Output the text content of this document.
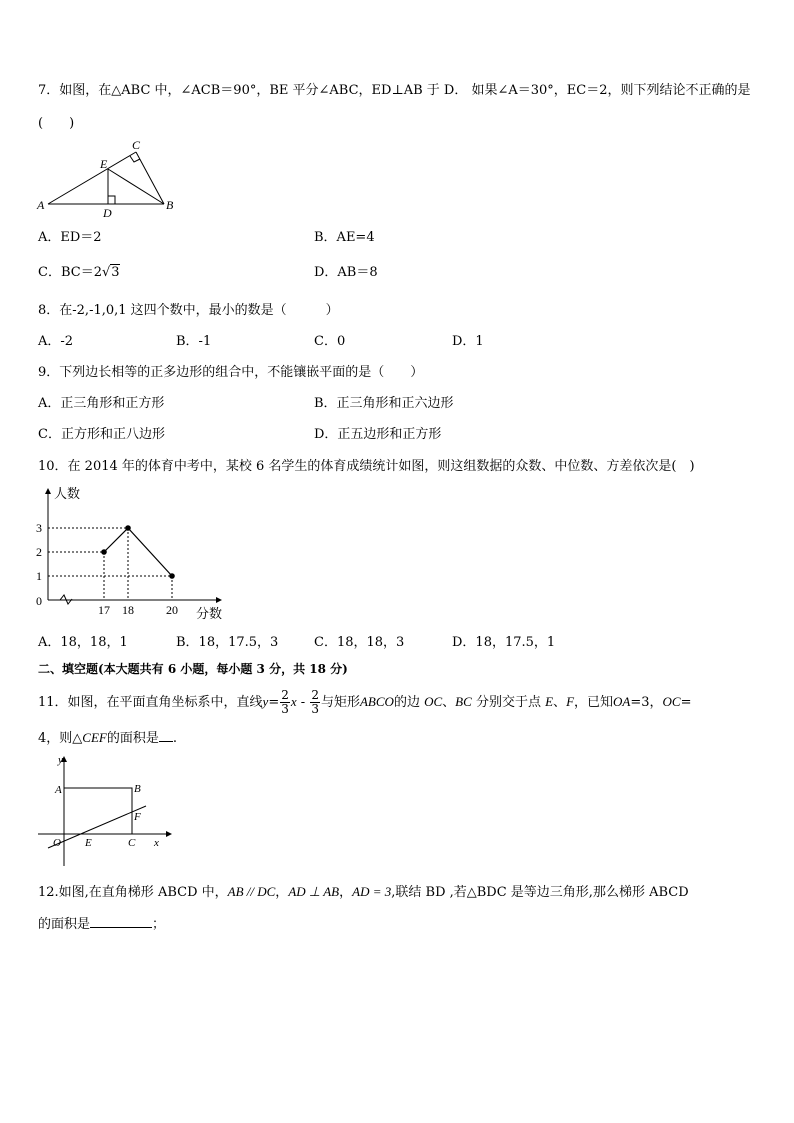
7．如图，在△ABC 中，∠ACB＝90°，BE 平分∠ABC，ED⊥AB 于 D． 如果∠A＝30°，EC＝2，则下列结论不正确的是
(　　)
A	B
C
D
E
A．ED＝2	B．AE=4
C．BC＝2√3	D．AB＝8
8．在-2,-1,0,1 这四个数中，最小的数是（　　　）
A．-2	B．-1	C．0	D．1
9．下列边长相等的正多边形的组合中，不能镶嵌平面的是（　　）
A．正三角形和正方形	B．正三角形和正六边形
C．正方形和正八边形	D．正五边形和正方形
10．在 2014 年的体育中考中，某校 6 名学生的体育成绩统计如图，则这组数据的众数、中位数、方差依次是(　)
人数
分数
0
1
2
3
17 18	20
A．18，18，1	B．18，17.5，3	C．18，18，3	D．18，17.5，1
二、填空题(本大题共有 6 小题，每小题 3 分，共 18 分)
11．如图，在平面直角坐标系中，直线$y= \frac{2}{3}$ x - $\frac{2}{3}$ 与矩形ABCO的边 OC、BC 分别交于点 E、F，已知OA=3，OC=
4，则△CEF的面积是 .
y
x
A	B
F
O E	C
12.如图,在直角梯形 ABCD 中，AB // DC，AD ⊥ AB，AD = 3,联结 BD ,若△BDC 是等边三角形,那么梯形 ABCD
的面积是	；
